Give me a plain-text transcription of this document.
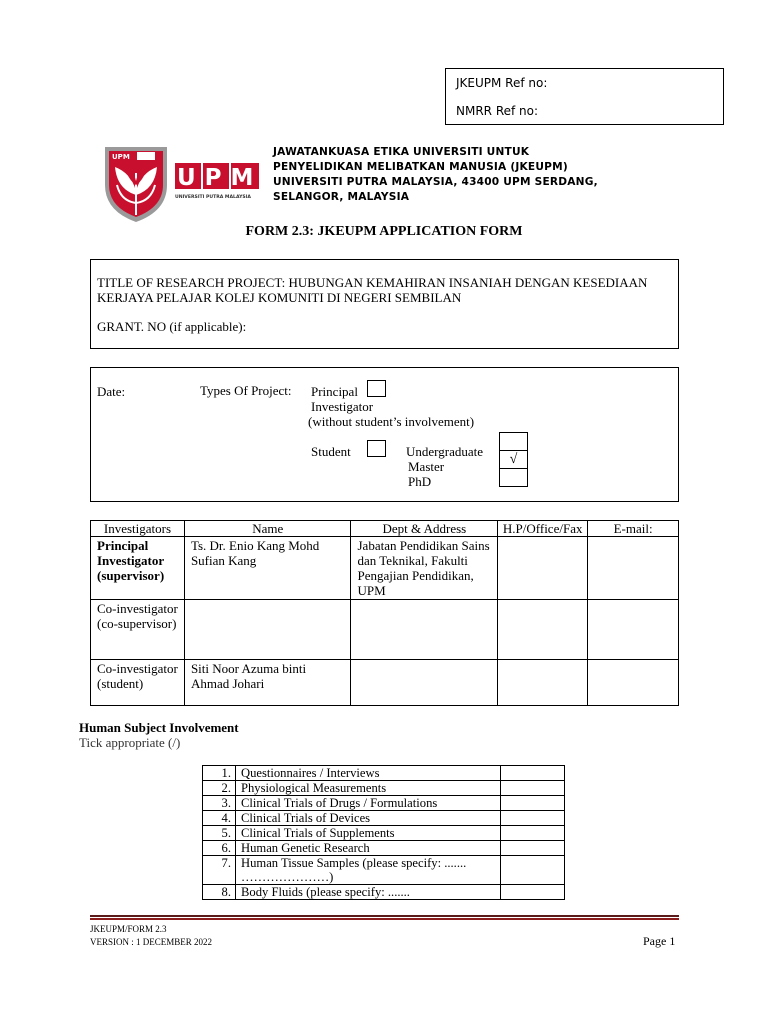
JKEUPM Ref no:
NMRR Ref no:
UPM
UPM
UNIVERSITI PUTRA MALAYSIA
JAWATANKUASA ETIKA UNIVERSITI UNTUK
PENYELIDIKAN MELIBATKAN MANUSIA (JKEUPM)
UNIVERSITI PUTRA MALAYSIA, 43400 UPM SERDANG,
SELANGOR, MALAYSIA
FORM 2.3: JKEUPM APPLICATION FORM
TITLE OF RESEARCH PROJECT: HUBUNGAN KEMAHIRAN INSANIAH DENGAN KESEDIAAN
KERJAYA PELAJAR KOLEJ KOMUNITI DI NEGERI SEMBILAN
GRANT. NO (if applicable):
Date:	Types Of Project: Principal
Investigator
(without student’s involvement)
Student	Undergraduate
Master
PhD
√
Investigators	Name	Dept & Address	H.P/Office/Fax	E-mail:
Principal Investigator (supervisor)	Ts. Dr. Enio Kang Mohd Sufian Kang	Jabatan Pendidikan Sains dan Teknikal, Fakulti Pengajian Pendidikan, UPM		
Co-investigator (co-supervisor)				
Co-investigator (student)	Siti Noor Azuma binti Ahmad Johari			
Human Subject Involvement
Tick appropriate (/)
1.	Questionnaires / Interviews	
2.	Physiological Measurements	
3.	Clinical Trials of Drugs / Formulations	
4.	Clinical Trials of Devices	
5.	Clinical Trials of Supplements	
6.	Human Genetic Research	
7.	Human Tissue Samples (please specify: ....... …………………)	
8.	Body Fluids (please specify: .......	
JKEUPM/FORM 2.3
VERSION : 1 DECEMBER 2022	Page 1
